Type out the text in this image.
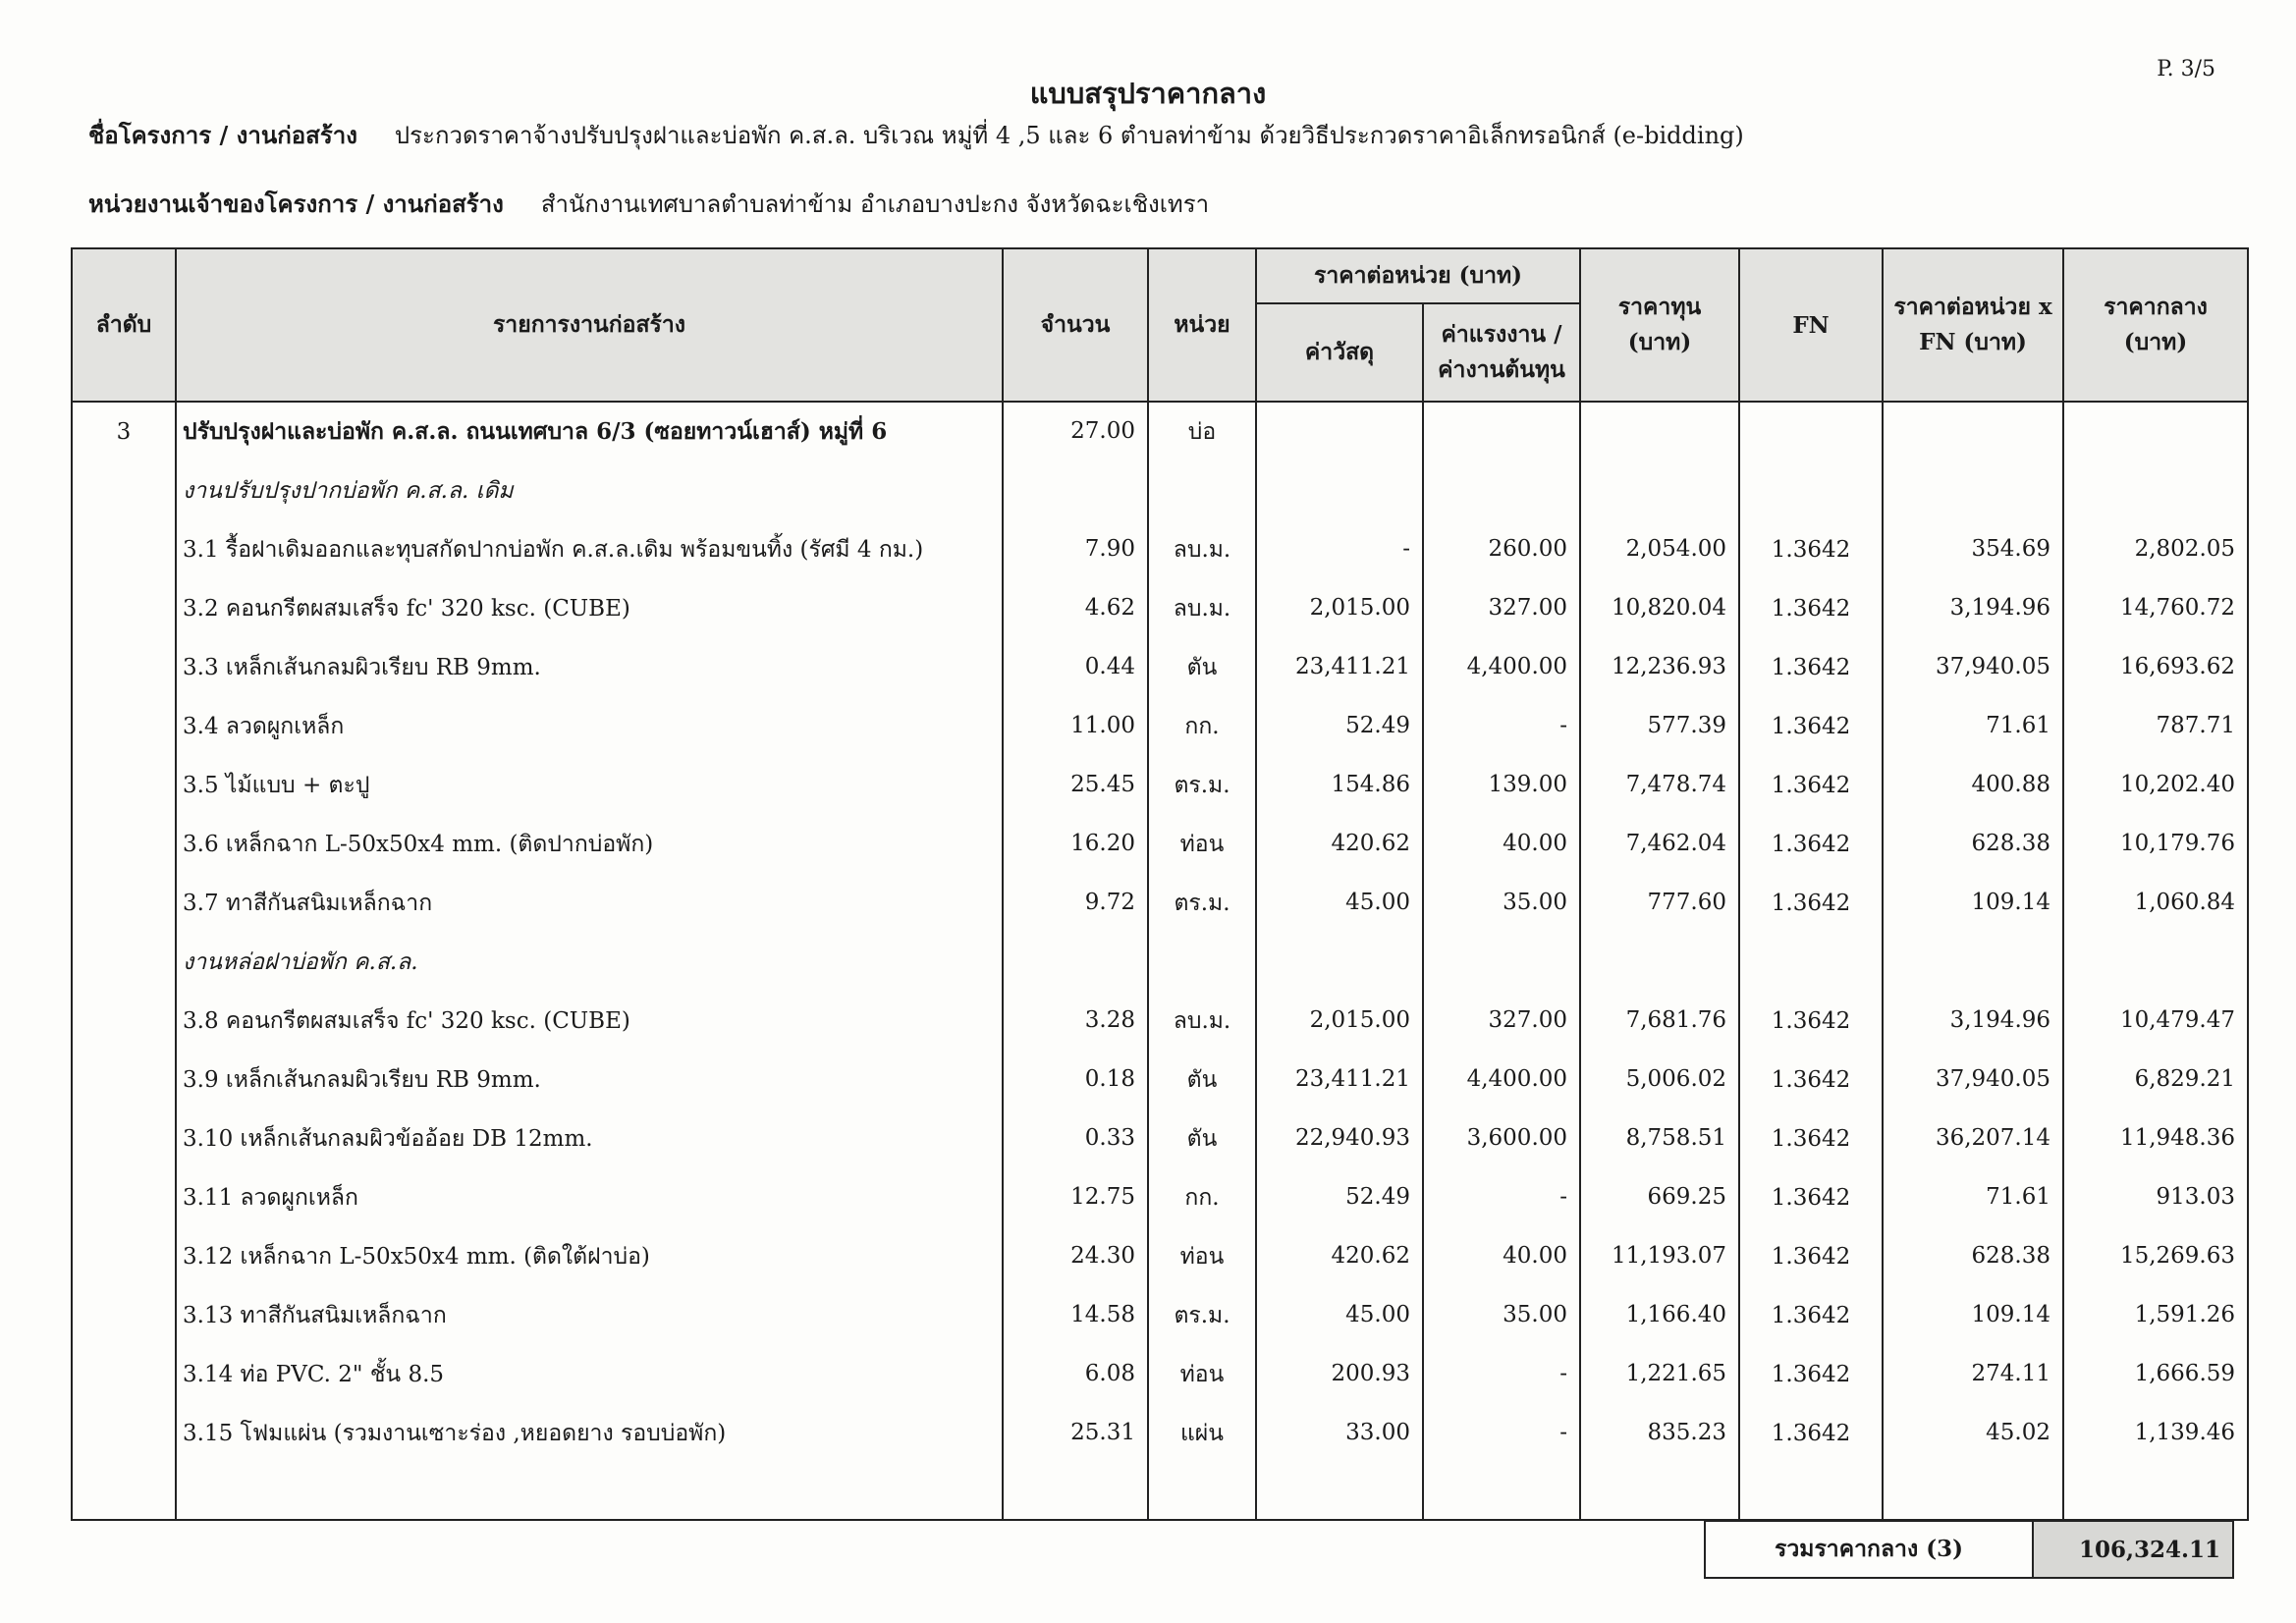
แบบสรุปราคากลาง
P. 3/5
ชื่อโครงการ / งานก่อสร้าง ประกวดราคาจ้างปรับปรุงฝาและบ่อพัก ค.ส.ล. บริเวณ หมู่ที่ 4 ,5 และ 6 ตำบลท่าข้าม ด้วยวิธีประกวดราคาอิเล็กทรอนิกส์ (e-bidding)
หน่วยงานเจ้าของโครงการ / งานก่อสร้าง สำนักงานเทศบาลตำบลท่าข้าม อำเภอบางปะกง จังหวัดฉะเชิงเทรา
ลำดับ	รายการงานก่อสร้าง	จำนวน	หน่วย	ราคาต่อหน่วย (บาท)		ราคาทุน (บาท)	FN	ราคาต่อหน่วย x FN (บาท)	ราคากลาง (บาท)
				ค่าวัสดุ	ค่าแรงงาน / ค่างานต้นทุน				
3	ปรับปรุงฝาและบ่อพัก ค.ส.ล. ถนนเทศบาล 6/3 (ซอยทาวน์เฮาส์) หมู่ที่ 6	27.00	บ่อ						
	งานปรับปรุงปากบ่อพัก ค.ส.ล. เดิม								
	3.1 รื้อฝาเดิมออกและทุบสกัดปากบ่อพัก ค.ส.ล.เดิม พร้อมขนทิ้ง (รัศมี 4 กม.)	7.90	ลบ.ม.	-	260.00	2,054.00	1.3642	354.69	2,802.05
	3.2 คอนกรีตผสมเสร็จ fc' 320 ksc. (CUBE)	4.62	ลบ.ม.	2,015.00	327.00	10,820.04	1.3642	3,194.96	14,760.72
	3.3 เหล็กเส้นกลมผิวเรียบ RB 9mm.	0.44	ตัน	23,411.21	4,400.00	12,236.93	1.3642	37,940.05	16,693.62
	3.4 ลวดผูกเหล็ก	11.00	กก.	52.49	-	577.39	1.3642	71.61	787.71
	3.5 ไม้แบบ + ตะปู	25.45	ตร.ม.	154.86	139.00	7,478.74	1.3642	400.88	10,202.40
	3.6 เหล็กฉาก L-50x50x4 mm. (ติดปากบ่อพัก)	16.20	ท่อน	420.62	40.00	7,462.04	1.3642	628.38	10,179.76
	3.7 ทาสีกันสนิมเหล็กฉาก	9.72	ตร.ม.	45.00	35.00	777.60	1.3642	109.14	1,060.84
	งานหล่อฝาบ่อพัก ค.ส.ล.								
	3.8 คอนกรีตผสมเสร็จ fc' 320 ksc. (CUBE)	3.28	ลบ.ม.	2,015.00	327.00	7,681.76	1.3642	3,194.96	10,479.47
	3.9 เหล็กเส้นกลมผิวเรียบ RB 9mm.	0.18	ตัน	23,411.21	4,400.00	5,006.02	1.3642	37,940.05	6,829.21
	3.10 เหล็กเส้นกลมผิวข้ออ้อย DB 12mm.	0.33	ตัน	22,940.93	3,600.00	8,758.51	1.3642	36,207.14	11,948.36
	3.11 ลวดผูกเหล็ก	12.75	กก.	52.49	-	669.25	1.3642	71.61	913.03
	3.12 เหล็กฉาก L-50x50x4 mm. (ติดใต้ฝาบ่อ)	24.30	ท่อน	420.62	40.00	11,193.07	1.3642	628.38	15,269.63
	3.13 ทาสีกันสนิมเหล็กฉาก	14.58	ตร.ม.	45.00	35.00	1,166.40	1.3642	109.14	1,591.26
	3.14 ท่อ PVC. 2" ชั้น 8.5	6.08	ท่อน	200.93	-	1,221.65	1.3642	274.11	1,666.59
	3.15 โฟมแผ่น (รวมงานเซาะร่อง ,หยอดยาง รอบบ่อพัก)	25.31	แผ่น	33.00	-	835.23	1.3642	45.02	1,139.46

รวมราคากลาง (3)	106,324.11
